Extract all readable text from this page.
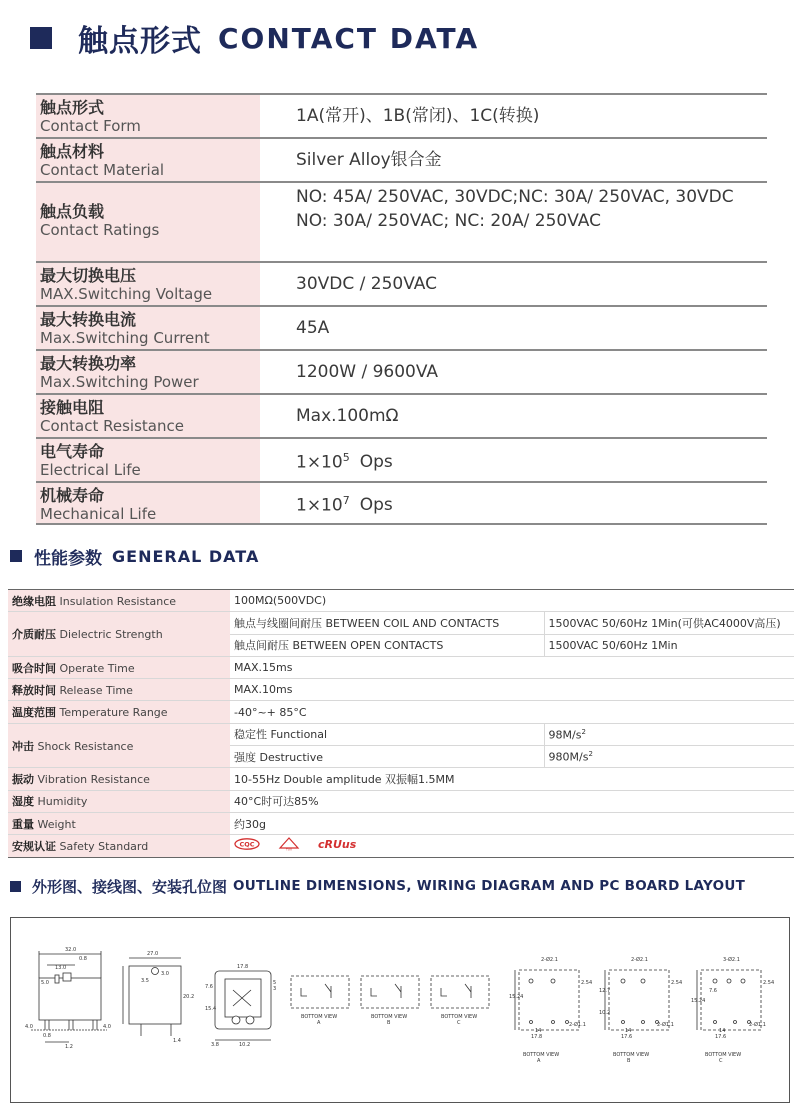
触点形式 CONTACT DATA
触点形式
Contact Form	1A(常开)、1B(常闭)、1C(转换)
触点材料
Contact Material	Silver Alloy银合金
触点负载
Contact Ratings
NO: 45A/ 250VAC, 30VDC;NC: 30A/ 250VAC, 30VDC
NO: 30A/ 250VAC; NC: 20A/ 250VAC
最大切换电压
MAX.Switching Voltage	30VDC / 250VAC
最大转换电流
Max.Switching Current	45A
最大转换功率
Max.Switching Power	1200W / 9600VA
接触电阻
Contact Resistance	Max.100mΩ
电气寿命
Electrical Life	$1\times 10^5$ Ops
机械寿命
Mechanical Life	$1\times 10^7$ Ops
性能参数 GENERAL DATA
绝缘电阻 Insulation Resistance	100MΩ(500VDC)	
介质耐压 Dielectric Strength	触点与线圈间耐压 BETWEEN COIL AND CONTACTS	1500VAC 50/60Hz 1Min(可供AC4000V高压)
	触点间耐压 BETWEEN OPEN CONTACTS	1500VAC 50/60Hz 1Min
吸合时间 Operate Time	MAX.15ms	
释放时间 Release Time	MAX.10ms	
温度范围 Temperature Range	-40°~+ 85°C	
冲击 Shock Resistance	稳定性 Functional	$98M/s^2$
	强度 Destructive	$980M/s^2$
振动 Vibration Resistance	10-55Hz Double amplitude 双振幅1.5MM	
湿度 Humidity	40°C时可达85%	
重量 Weight	约30g	
安规认证 Safety Standard	CQC

TÜV
cRUus	
外形图、接线图、安装孔位图 OUTLINE DIMENSIONS, WIRING DIAGRAM AND PC BOARD LAYOUT
32.0
0.8
13.0
4.0
0.8
1.2
5.0
4.0
27.0
3.0
3.5
20.2
1.4
17.8
7.6
15.4
3.8	10.2
5
3
BOTTOM VIEW
A
BOTTOM VIEW
B
BOTTOM VIEW
C
2-Ø2.1
15.24
2.54
14
17.8
2-Ø1.1
BOTTOM VIEW
A
2-Ø2.1
12.7
10.2
2.54
14
17.6
2-Ø1.1
BOTTOM VIEW
B
3-Ø2.1
15.24
7.6
2.54
14
17.6
2-Ø1.1
BOTTOM VIEW
C
